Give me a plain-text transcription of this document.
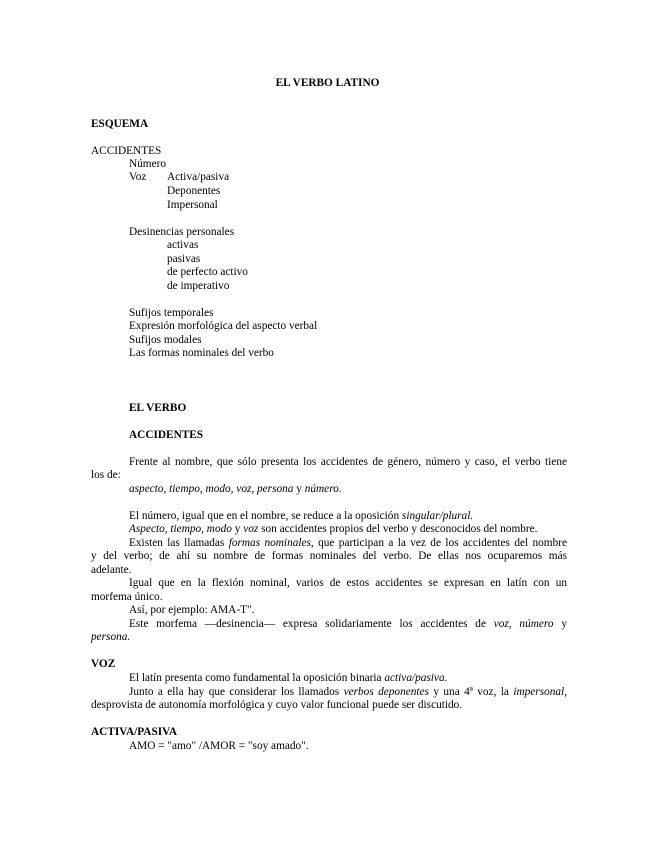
EL VERBO LATINO
ESQUEMA
ACCIDENTES
Número
Voz Activa/pasiva
Deponentes
Impersonal
Desinencias personales
activas
pasivas
de perfecto activo
de imperativo
Sufijos temporales
Expresión morfológica del aspecto verbal
Sufijos modales
Las formas nominales del verbo
EL VERBO
ACCIDENTES
Frente al nombre, que sólo presenta los accidentes de género, número y caso, el verbo tiene
los de:
aspecto, tiempo, modo, voz, persona y número.
El número, igual que en el nombre, se reduce a la oposición singular/plural.
Aspecto, tiempo, modo y voz son accidentes propios del verbo y desconocidos del nombre.
Existen las llamadas formas nominales, que participan a la vez de los accidentes del nombre
y del verbo; de ahí su nombre de formas nominales del verbo. De ellas nos ocuparemos más
adelante.
Igual que en la flexión nominal, varios de estos accidentes se expresan en latín con un
morfema único.
Así, por ejemplo: AMA-T".
Este morfema —desinencia— expresa solidariamente los accidentes de voz, número y
persona.
VOZ
El latín presenta como fundamental la oposición binaria activa/pasiva.
Junto a ella hay que considerar los llamados verbos deponentes y una 4ª voz, la impersonal,
desprovista de autonomía morfológica y cuyo valor funcional puede ser discutido.
ACTIVA/PASIVA
AMO = "amo" /AMOR = "soy amado".
